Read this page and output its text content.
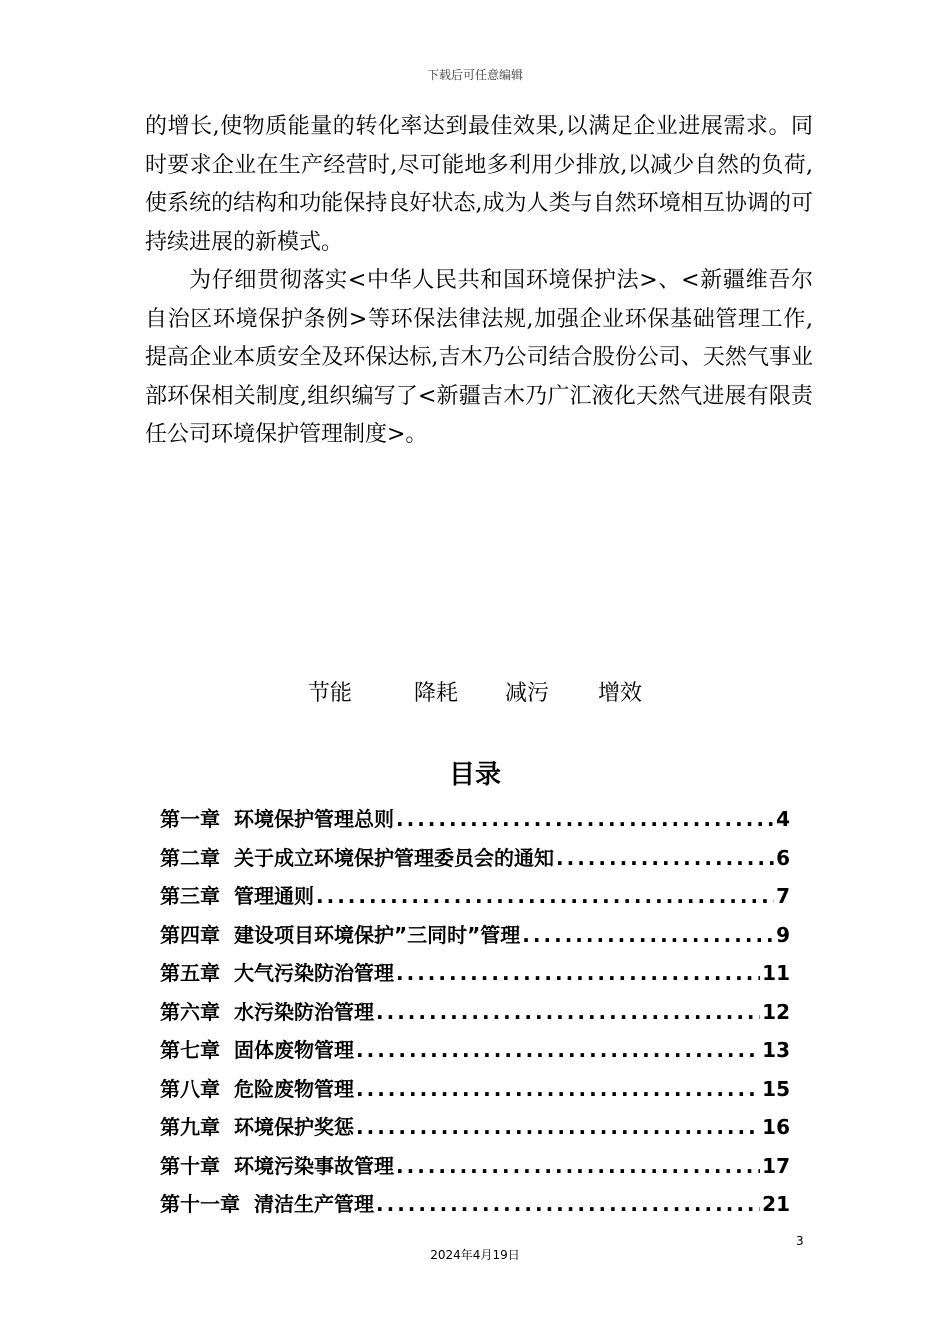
下载后可任意编辑

的增长,使物质能量的转化率达到最佳效果,以满足企业进展需求。同时要求企业在生产经营时,尽可能地多利用少排放,以减少自然的负荷,使系统的结构和功能保持良好状态,成为人类与自然环境相互协调的可持续进展的新模式。

为仔细贯彻落实<中华人民共和国环境保护法>、<新疆维吾尔自治区环境保护条例>等环保法律法规,加强企业环保基础管理工作,提高企业本质安全及环保达标,吉木乃公司结合股份公司、天然气事业部环保相关制度,组织编写了<新疆吉木乃广汇液化天然气进展有限责任公司环境保护管理制度>。

节能	降耗 减污 增效
目录
第一章 环境保护管理总则 .....	4
第二章 关于成立环境保护管理委员会的通知 .....	6
第三章 管理通则 .....	7
第四章 建设项目环境保护”三同时”管理 .....	9
第五章 大气污染防治管理 .....	11
第六章 水污染防治管理 .....	12
第七章 固体废物管理 .....	13
第八章 危险废物管理 .....	15
第九章 环境保护奖惩 .....	16
第十章 环境污染事故管理 .....	17
第十一章 清洁生产管理 .....	21
3
2024年4月19日
